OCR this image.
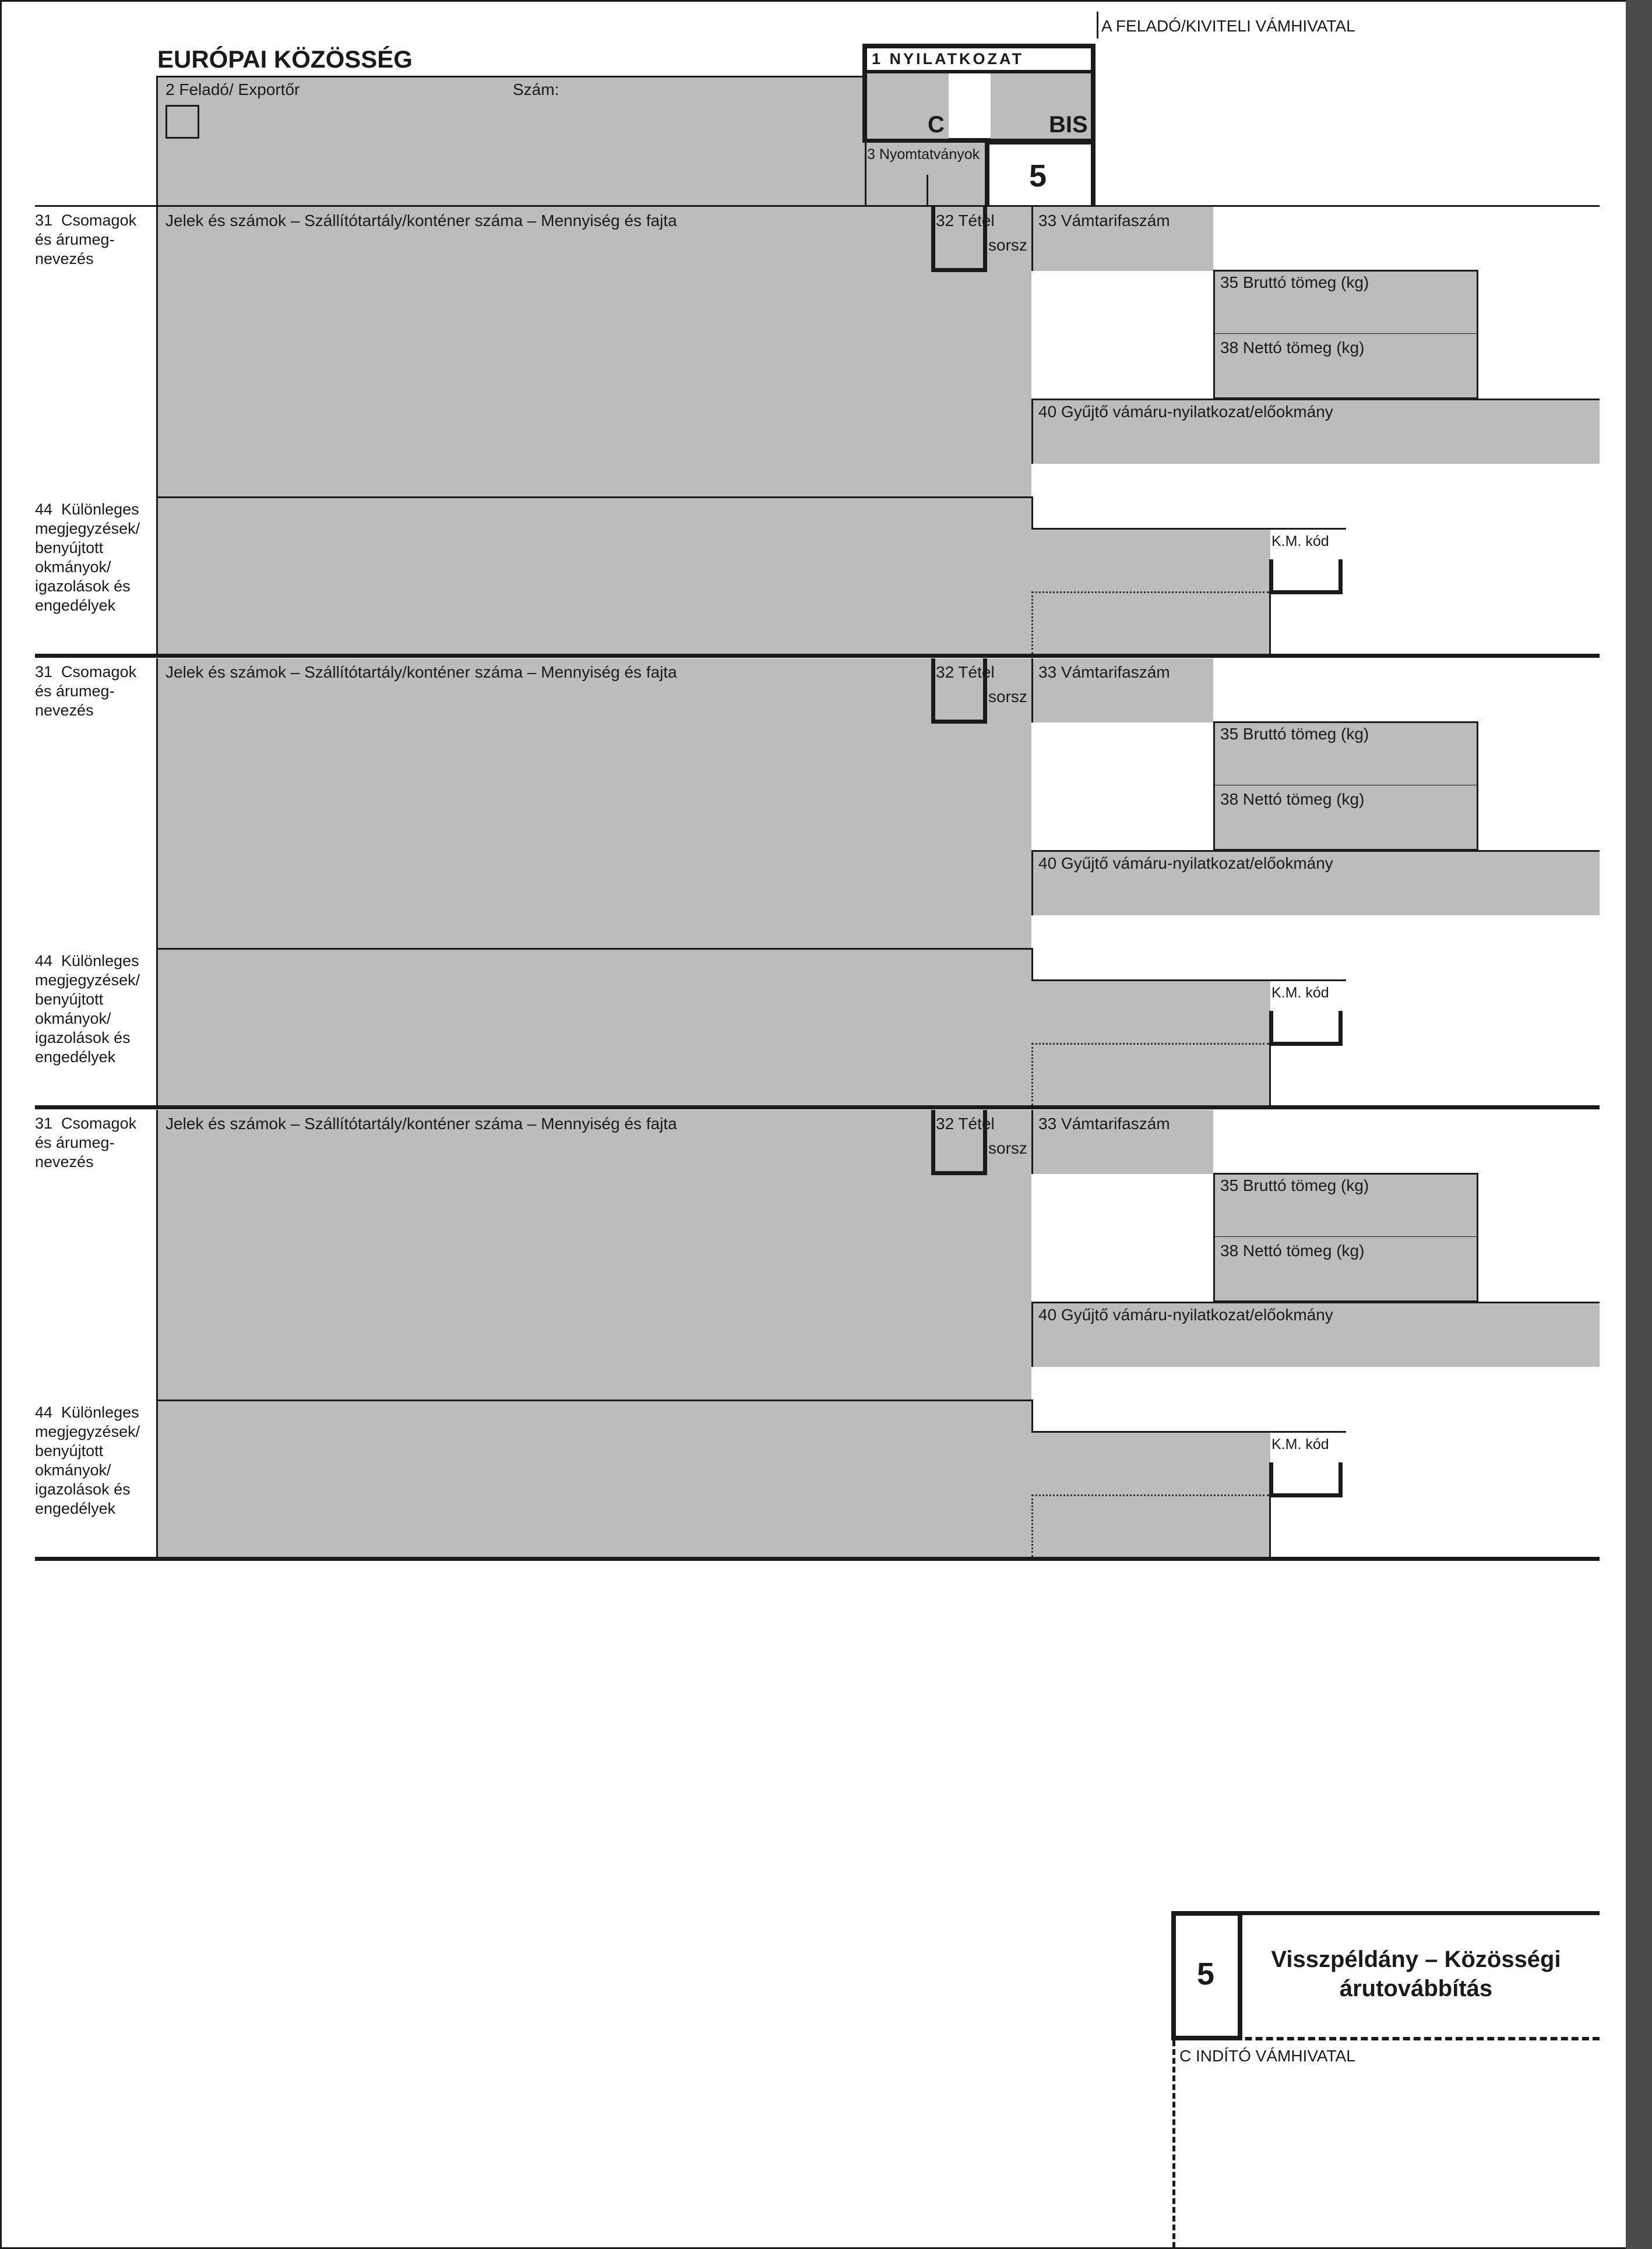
A FELADÓ/KIVITELI VÁMHIVATAL
EURÓPAI KÖZÖSSÉG
2 Feladó/ Exportőr	Szám:
1 NYILATKOZAT
C	BIS
3 Nyomtatványok
5
31  Csomagok
és árumeg-
nevezés
Jelek és számok – Szállítótartály/konténer száma – Mennyiség és fajta	32 Tétel
sorsz
33 Vámtarifaszám
35 Bruttó tömeg (kg)
38 Nettó tömeg (kg)
40 Gyűjtő vámáru-nyilatkozat/előokmány
44  Különleges
megjegyzések/
benyújtott
okmányok/
igazolások és
engedélyek
K.M. kód
31  Csomagok
és árumeg-
nevezés
Jelek és számok – Szállítótartály/konténer száma – Mennyiség és fajta	32 Tétel
sorsz
33 Vámtarifaszám
35 Bruttó tömeg (kg)
38 Nettó tömeg (kg)
40 Gyűjtő vámáru-nyilatkozat/előokmány
44  Különleges
megjegyzések/
benyújtott
okmányok/
igazolások és
engedélyek
K.M. kód
31  Csomagok
és árumeg-
nevezés
Jelek és számok – Szállítótartály/konténer száma – Mennyiség és fajta	32 Tétel
sorsz
33 Vámtarifaszám
35 Bruttó tömeg (kg)
38 Nettó tömeg (kg)
40 Gyűjtő vámáru-nyilatkozat/előokmány
44  Különleges
megjegyzések/
benyújtott
okmányok/
igazolások és
engedélyek
K.M. kód
5	Visszpéldány – Közösségi
árutovábbítás
C INDÍTÓ VÁMHIVATAL
